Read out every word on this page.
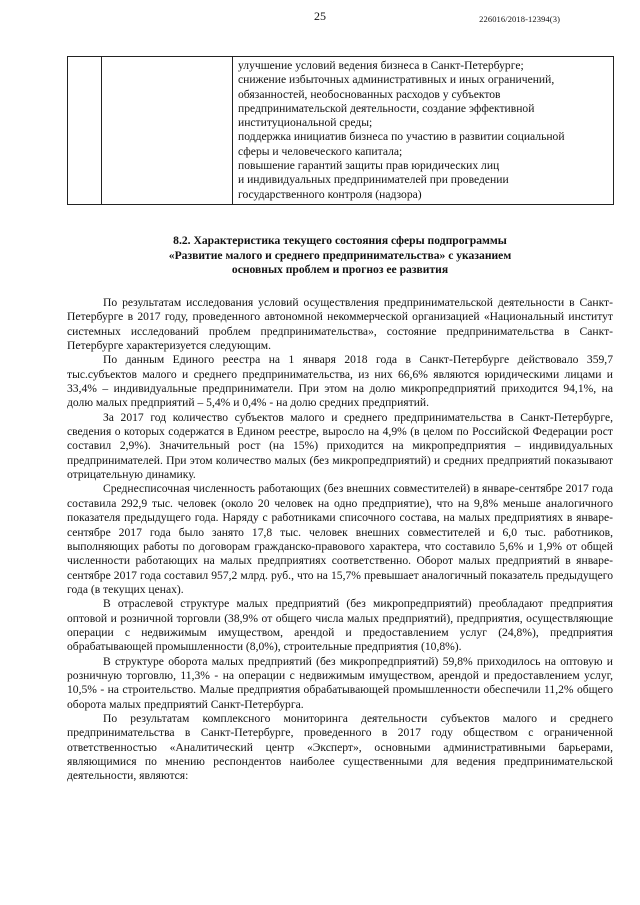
25	226016/2018-12394(3)

улучшение условий ведения бизнеса в Санкт-Петербурге;
снижение избыточных административных и иных ограничений,
обязанностей, необоснованных расходов у субъектов
предпринимательской деятельности, создание эффективной
институциональной среды;
поддержка инициатив бизнеса по участию в развитии социальной
сферы и человеческого капитала;
повышение гарантий защиты прав юридических лиц
и индивидуальных предпринимателей при проведении
государственного контроля (надзора)
8.2. Характеристика текущего состояния сферы подпрограммы
«Развитие малого и среднего предпринимательства» с указанием
основных проблем и прогноз ее развития

По результатам исследования условий осуществления предпринимательской деятельности в Санкт-Петербурге в 2017 году, проведенного автономной некоммерческой организацией «Национальный институт системных исследований проблем предпринимательства», состояние предпринимательства в Санкт-Петербурге характеризуется следующим.

По данным Единого реестра на 1 января 2018 года в Санкт-Петербурге действовало 359,7 тыс.субъектов малого и среднего предпринимательства, из них 66,6% являются юридическими лицами и 33,4% – индивидуальные предприниматели. При этом на долю микропредприятий приходится 94,1%, на долю малых предприятий – 5,4% и 0,4% - на долю средних предприятий.

За 2017 год количество субъектов малого и среднего предпринимательства в Санкт-Петербурге, сведения о которых содержатся в Едином реестре, выросло на 4,9% (в целом по Российской Федерации рост составил 2,9%). Значительный рост (на 15%) приходится на микропредприятия – индивидуальных предпринимателей. При этом количество малых (без микропредприятий) и средних предприятий показывают отрицательную динамику.

Среднесписочная численность работающих (без внешних совместителей) в январе-сентябре 2017 года составила 292,9 тыс. человек (около 20 человек на одно предприятие), что на 9,8% меньше аналогичного показателя предыдущего года. Наряду с работниками списочного состава, на малых предприятиях в январе-сентябре 2017 года было занято 17,8 тыс. человек внешних совместителей и 6,0 тыс. работников, выполняющих работы по договорам гражданско-правового характера, что составило 5,6% и 1,9% от общей численности работающих на малых предприятиях соответственно. Оборот малых предприятий в январе-сентябре 2017 года составил 957,2 млрд. руб., что на 15,7% превышает аналогичный показатель предыдущего года (в текущих ценах).

В отраслевой структуре малых предприятий (без микропредприятий) преобладают предприятия оптовой и розничной торговли (38,9% от общего числа малых предприятий), предприятия, осуществляющие операции с недвижимым имуществом, арендой и предоставлением услуг (24,8%), предприятия обрабатывающей промышленности (8,0%), строительные предприятия (10,8%).

В структуре оборота малых предприятий (без микропредприятий) 59,8% приходилось на оптовую и розничную торговлю, 11,3% - на операции с недвижимым имуществом, арендой и предоставлением услуг, 10,5% - на строительство. Малые предприятия обрабатывающей промышленности обеспечили 11,2% общего оборота малых предприятий Санкт-Петербурга.

По результатам комплексного мониторинга деятельности субъектов малого и среднего предпринимательства в Санкт-Петербурге, проведенного в 2017 году обществом с ограниченной ответственностью «Аналитический центр «Эксперт», основными административными барьерами, являющимися по мнению респондентов наиболее существенными для ведения предпринимательской деятельности, являются:
